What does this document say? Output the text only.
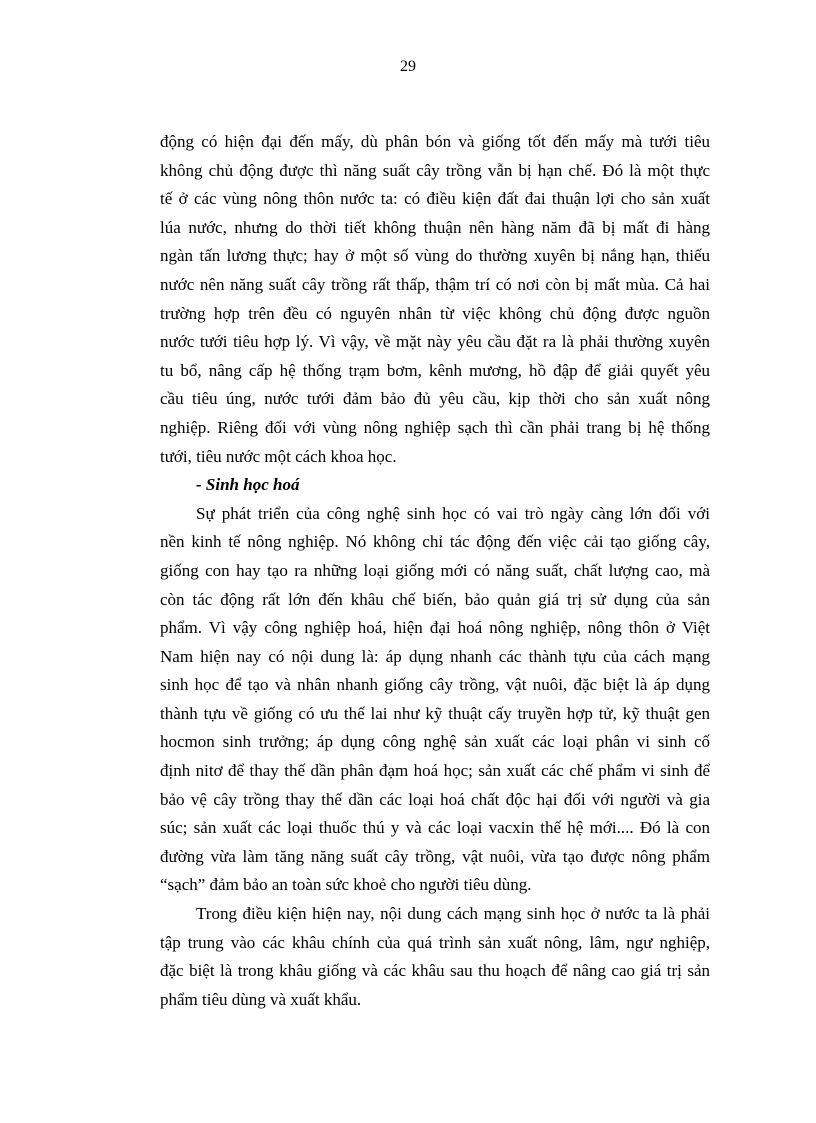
29
động có hiện đại đến mấy, dù phân bón và giống tốt đến mấy mà tưới tiêu
không chủ động được thì năng suất cây trồng vẫn bị hạn chế. Đó là một thực
tế ở các vùng nông thôn nước ta: có điều kiện đất đai thuận lợi cho sản xuất
lúa nước, nhưng do thời tiết không thuận nên hàng năm đã bị mất đi hàng
ngàn tấn lương thực; hay ở một số vùng do thường xuyên bị nắng hạn, thiếu
nước nên năng suất cây trồng rất thấp, thậm trí có nơi còn bị mất mùa. Cả hai
trường hợp trên đều có nguyên nhân từ việc không chủ động được nguồn
nước tưới tiêu hợp lý. Vì vậy, về mặt này yêu cầu đặt ra là phải thường xuyên
tu bổ, nâng cấp hệ thống trạm bơm, kênh mương, hồ đập để giải quyết yêu
cầu tiêu úng, nước tưới đảm bảo đủ yêu cầu, kịp thời cho sản xuất nông
nghiệp. Riêng đối với vùng nông nghiệp sạch thì cần phải trang bị hệ thống
tưới, tiêu nước một cách khoa học.
- Sinh học hoá
Sự phát triển của công nghệ sinh học có vai trò ngày càng lớn đối với
nền kinh tế nông nghiệp. Nó không chỉ tác động đến việc cải tạo giống cây,
giống con hay tạo ra những loại giống mới có năng suất, chất lượng cao, mà
còn tác động rất lớn đến khâu chế biến, bảo quản giá trị sử dụng của sản
phẩm. Vì vậy công nghiệp hoá, hiện đại hoá nông nghiệp, nông thôn ở Việt
Nam hiện nay có nội dung là: áp dụng nhanh các thành tựu của cách mạng
sinh học để tạo và nhân nhanh giống cây trồng, vật nuôi, đặc biệt là áp dụng
thành tựu về giống có ưu thế lai như kỹ thuật cấy truyền hợp tử, kỹ thuật gen
hocmon sinh trưởng; áp dụng công nghệ sản xuất các loại phân vi sinh cố
định nitơ để thay thế dần phân đạm hoá học; sản xuất các chế phẩm vi sinh để
bảo vệ cây trồng thay thế dần các loại hoá chất độc hại đối với người và gia
súc; sản xuất các loại thuốc thú y và các loại vacxin thế hệ mới.... Đó là con
đường vừa làm tăng năng suất cây trồng, vật nuôi, vừa tạo được nông phẩm
“sạch” đảm bảo an toàn sức khoẻ cho người tiêu dùng.
Trong điều kiện hiện nay, nội dung cách mạng sinh học ở nước ta là phải
tập trung vào các khâu chính của quá trình sản xuất nông, lâm, ngư nghiệp,
đặc biệt là trong khâu giống và các khâu sau thu hoạch để nâng cao giá trị sản
phẩm tiêu dùng và xuất khẩu.
